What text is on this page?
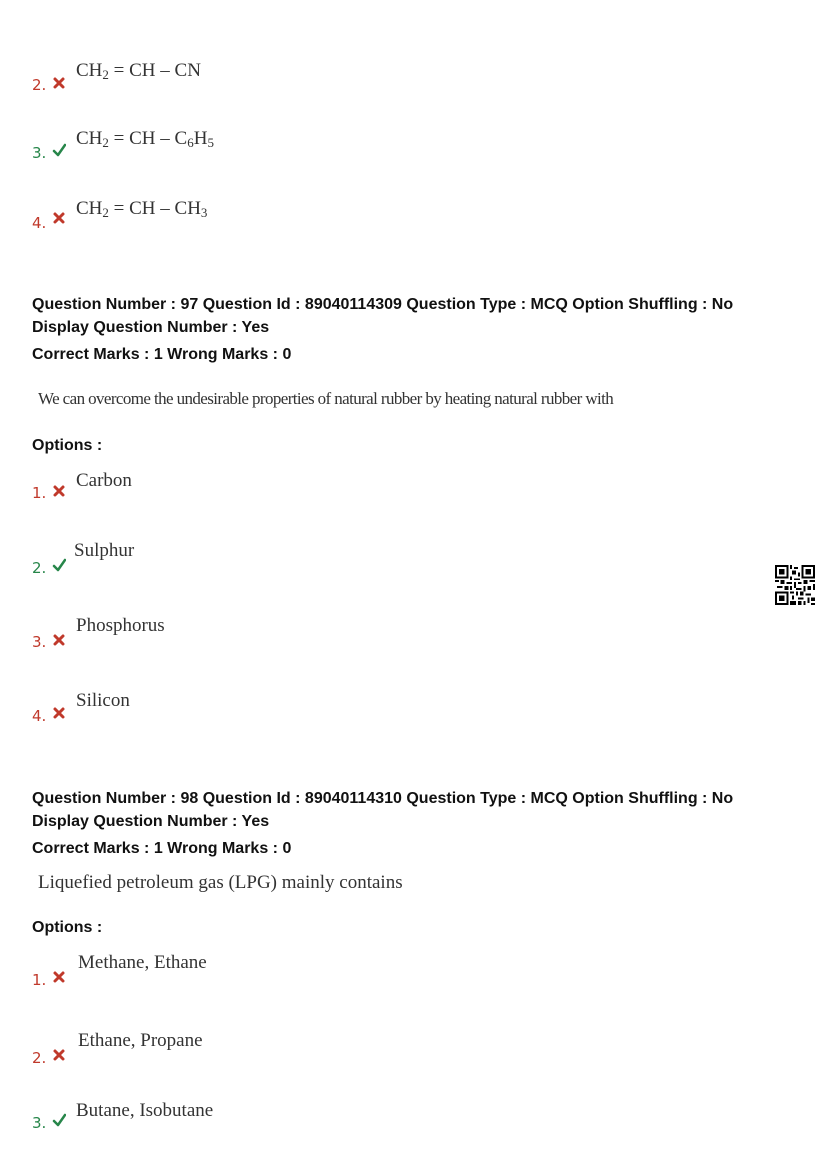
2.
$CH_2$ = CH – CN
3.
$CH_2$ = CH – $C_6H_5$
4.
$CH_2$ = CH – $CH_3$
Question Number : 97 Question Id : 89040114309 Question Type : MCQ Option Shuffling : No
Display Question Number : Yes
Correct Marks : 1 Wrong Marks : 0
We can overcome the undesirable properties of natural rubber by heating natural rubber with
Options :
1.
Carbon
2.
Sulphur
3.
Phosphorus
4.
Silicon
Question Number : 98 Question Id : 89040114310 Question Type : MCQ Option Shuffling : No
Display Question Number : Yes
Correct Marks : 1 Wrong Marks : 0
Liquefied petroleum gas (LPG) mainly contains
Options :
1.
Methane, Ethane
2.
Ethane, Propane
3.
Butane, Isobutane
